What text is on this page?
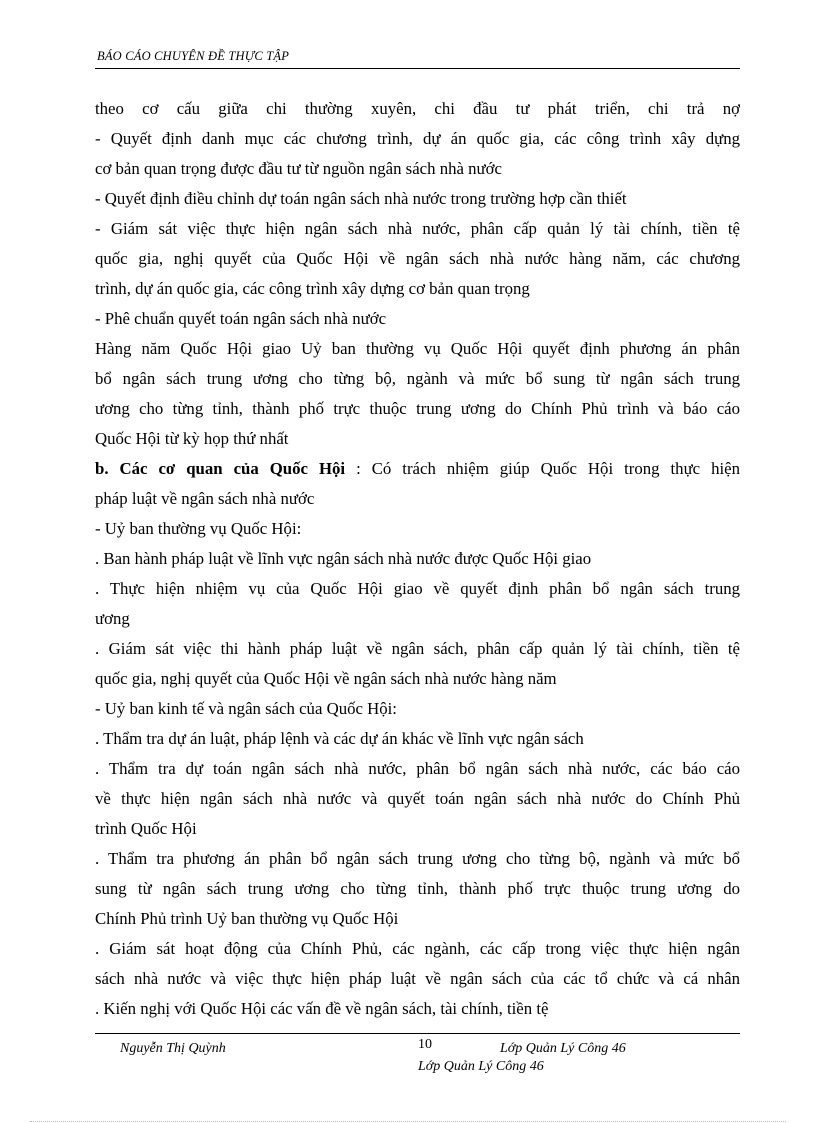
BÁO CÁO CHUYÊN ĐỀ THỰC TẬP
theo cơ cấu giữa chi thường xuyên, chi đầu tư phát triển, chi trả nợ
- Quyết định danh mục các chương trình, dự án quốc gia, các công trình xây dựng
cơ bản quan trọng được đầu tư từ nguồn ngân sách nhà nước
- Quyết định điều chỉnh dự toán ngân sách nhà nước trong trường hợp cần thiết
- Giám sát việc thực hiện ngân sách nhà nước, phân cấp quản lý tài chính, tiền tệ
quốc gia, nghị quyết của Quốc Hội về ngân sách nhà nước hàng năm, các chương
trình, dự án quốc gia, các công trình xây dựng cơ bản quan trọng
- Phê chuẩn quyết toán ngân sách nhà nước
Hàng năm Quốc Hội giao Uỷ ban thường vụ Quốc Hội quyết định phương án phân
bổ ngân sách trung ương cho từng bộ, ngành và mức bổ sung từ ngân sách trung
ương cho từng tỉnh, thành phố trực thuộc trung ương do Chính Phủ trình và báo cáo
Quốc Hội từ kỳ họp thứ nhất
b. Các cơ quan của Quốc Hội : Có trách nhiệm giúp Quốc Hội trong thực hiện
pháp luật về ngân sách nhà nước
- Uỷ ban thường vụ Quốc Hội:
. Ban hành pháp luật về lĩnh vực ngân sách nhà nước được Quốc Hội giao
. Thực hiện nhiệm vụ của Quốc Hội giao về quyết định phân bổ ngân sách trung
ương
. Giám sát việc thi hành pháp luật về ngân sách, phân cấp quản lý tài chính, tiền tệ
quốc gia, nghị quyết của Quốc Hội về ngân sách nhà nước hàng năm
- Uỷ ban kinh tế và ngân sách của Quốc Hội:
. Thẩm tra dự án luật, pháp lệnh và các dự án khác về lĩnh vực ngân sách
. Thẩm tra dự toán ngân sách nhà nước, phân bổ ngân sách nhà nước, các báo cáo
về thực hiện ngân sách nhà nước và quyết toán ngân sách nhà nước do Chính Phủ
trình Quốc Hội
. Thẩm tra phương án phân bổ ngân sách trung ương cho từng bộ, ngành và mức bổ
sung từ ngân sách trung ương cho từng tỉnh, thành phố trực thuộc trung ương do
Chính Phủ trình Uỷ ban thường vụ Quốc Hội
. Giám sát hoạt động của Chính Phủ, các ngành, các cấp trong việc thực hiện ngân
sách nhà nước và việc thực hiện pháp luật về ngân sách của các tổ chức và cá nhân
. Kiến nghị với Quốc Hội các vấn đề về ngân sách, tài chính, tiền tệ
Nguyễn Thị Quỳnh	10	Lớp Quản Lý Công 46
Lớp Quản Lý Công 46
